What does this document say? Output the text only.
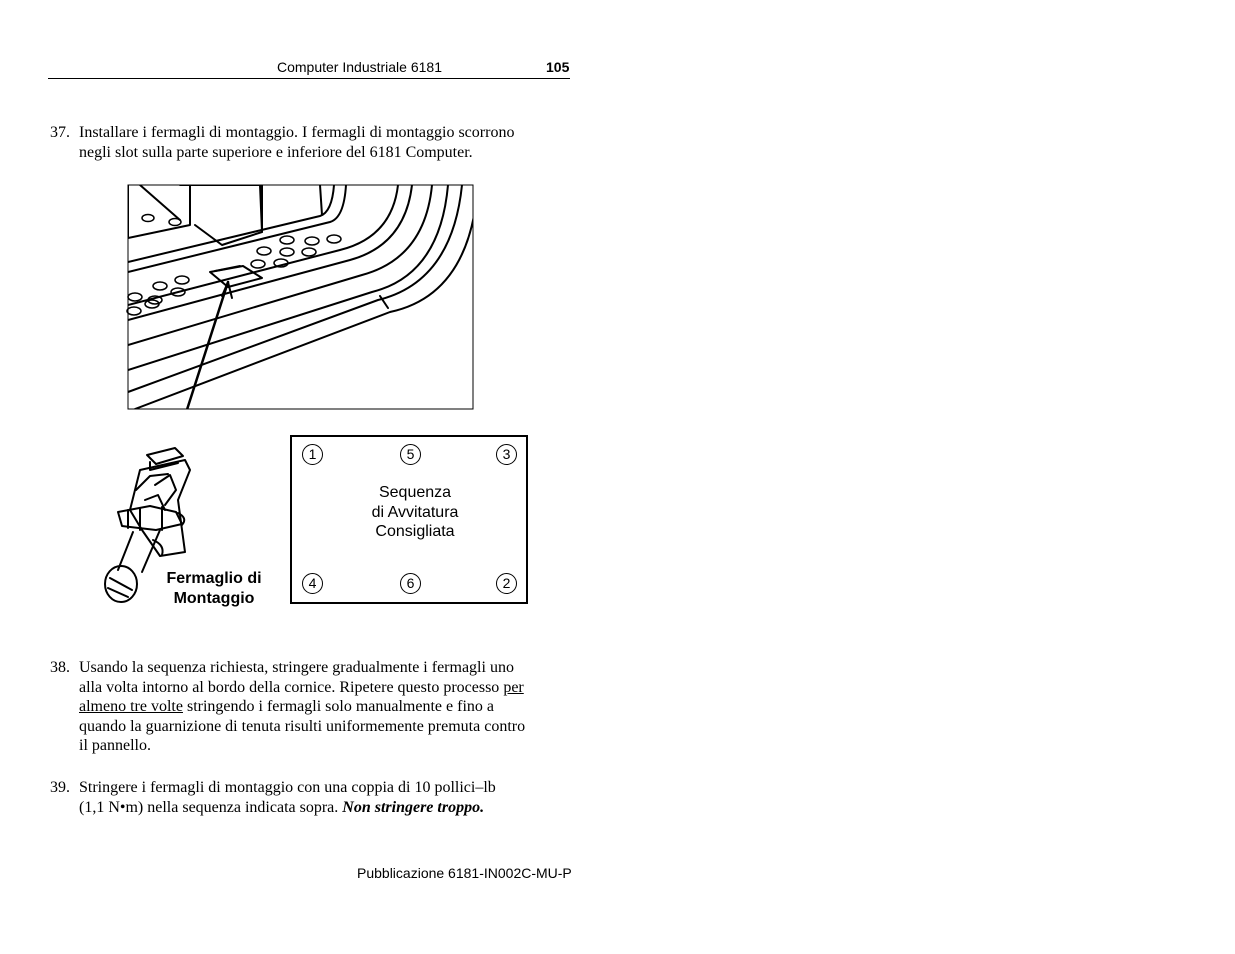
Computer Industriale 6181	105
37. Installare i fermagli di montaggio. I fermagli di montaggio scorrono
negli slot sulla parte superiore e inferiore del 6181 Computer.
1	5	3
4	6	2
Sequenza
di Avvitatura
Consigliata
Fermaglio di
Montaggio
38. Usando la sequenza richiesta, stringere gradualmente i fermagli uno
alla volta intorno al bordo della cornice. Ripetere questo processo per
almeno tre volte stringendo i fermagli solo manualmente e fino a
quando la guarnizione di tenuta risulti uniformemente premuta contro
il pannello.
39. Stringere i fermagli di montaggio con una coppia di 10 pollici–lb
(1,1 N•m) nella sequenza indicata sopra. Non stringere troppo.
Pubblicazione 6181-IN002C-MU-P
